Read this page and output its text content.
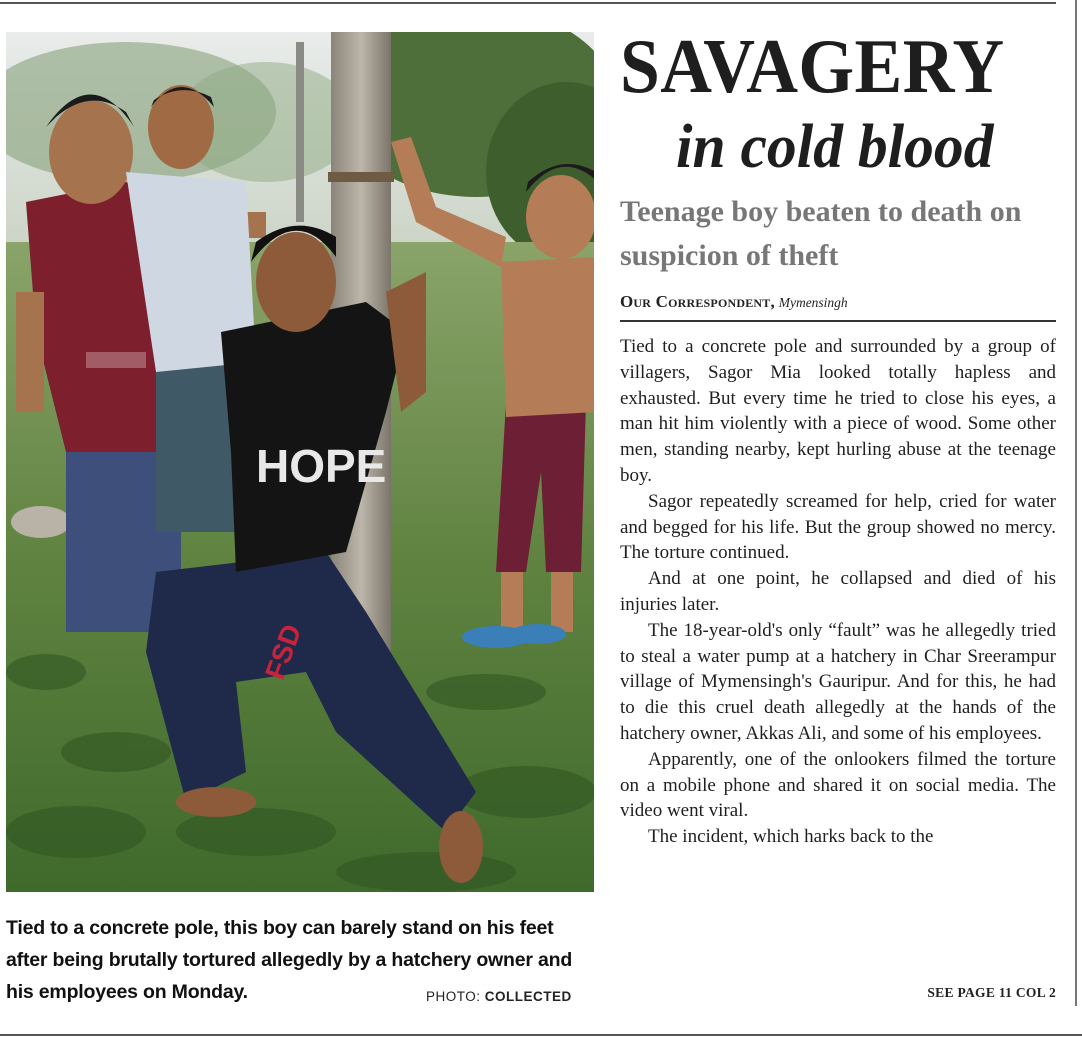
HOPE
FSD

Tied to a concrete pole, this boy can barely stand on his feet after being brutally tortured allegedly by a hatchery owner and his employees on Monday.	PHOTO: COLLECTED
SAVAGERY
in cold blood
Teenage boy beaten to death on suspicion of theft
Our Correspondent, Mymensingh

Tied to a concrete pole and surrounded by a group of villagers, Sagor Mia looked totally hapless and exhausted. But every time he tried to close his eyes, a man hit him violently with a piece of wood. Some other men, standing nearby, kept hurling abuse at the teenage boy.

Sagor repeatedly screamed for help, cried for water and begged for his life. But the group showed no mercy. The torture continued.

And at one point, he collapsed and died of his injuries later.

The 18-year-old's only “fault” was he allegedly tried to steal a water pump at a hatchery in Char Sreerampur village of Mymensingh's Gauripur. And for this, he had to die this cruel death allegedly at the hands of the hatchery owner, Akkas Ali, and some of his employees.

Apparently, one of the onlookers filmed the torture on a mobile phone and shared it on social media. The video went viral.

The incident, which harks back to the

SEE PAGE 11 COL 2
